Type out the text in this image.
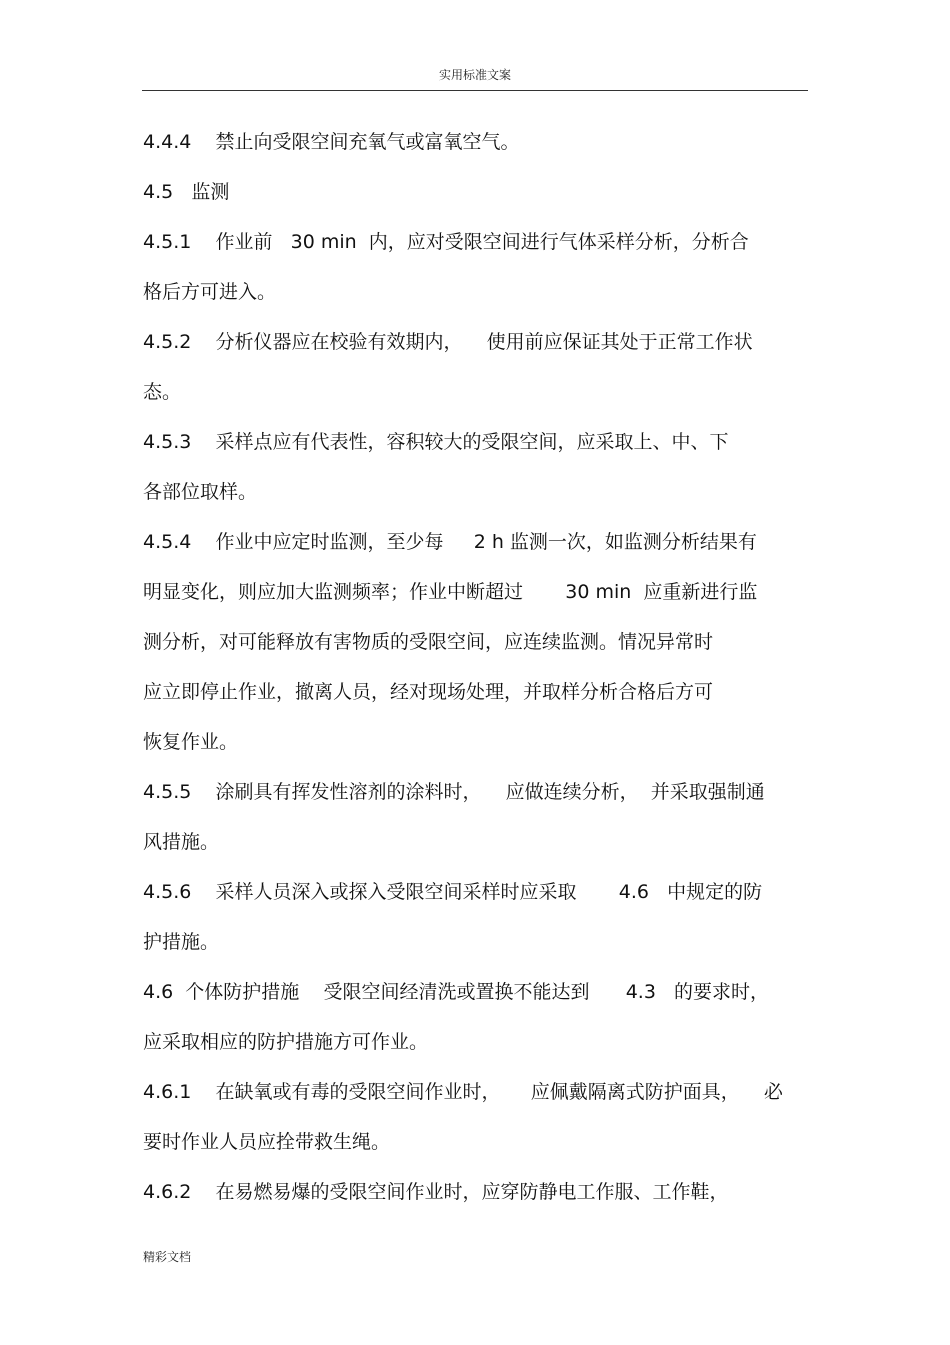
实用标准文案
4.4.4    禁止向受限空间充氧气或富氧空气。
4.5   监测
4.5.1    作业前   30 min  内，应对受限空间进行气体采样分析，分析合
格后方可进入。
4.5.2    分析仪器应在校验有效期内，    使用前应保证其处于正常工作状
态。
4.5.3    采样点应有代表性，容积较大的受限空间，应采取上、中、下
各部位取样。
4.5.4    作业中应定时监测，至少每     2 h 监测一次，如监测分析结果有
明显变化，则应加大监测频率；作业中断超过       30 min  应重新进行监
测分析，对可能释放有害物质的受限空间，应连续监测。情况异常时
应立即停止作业，撤离人员，经对现场处理，并取样分析合格后方可
恢复作业。
4.5.5    涂刷具有挥发性溶剂的涂料时，    应做连续分析，  并采取强制通
风措施。
4.5.6    采样人员深入或探入受限空间采样时应采取       4.6   中规定的防
护措施。
4.6  个体防护措施    受限空间经清洗或置换不能达到      4.3   的要求时，
应采取相应的防护措施方可作业。
4.6.1    在缺氧或有毒的受限空间作业时，     应佩戴隔离式防护面具，    必
要时作业人员应拴带救生绳。
4.6.2    在易燃易爆的受限空间作业时，应穿防静电工作服、工作鞋，
精彩文档
